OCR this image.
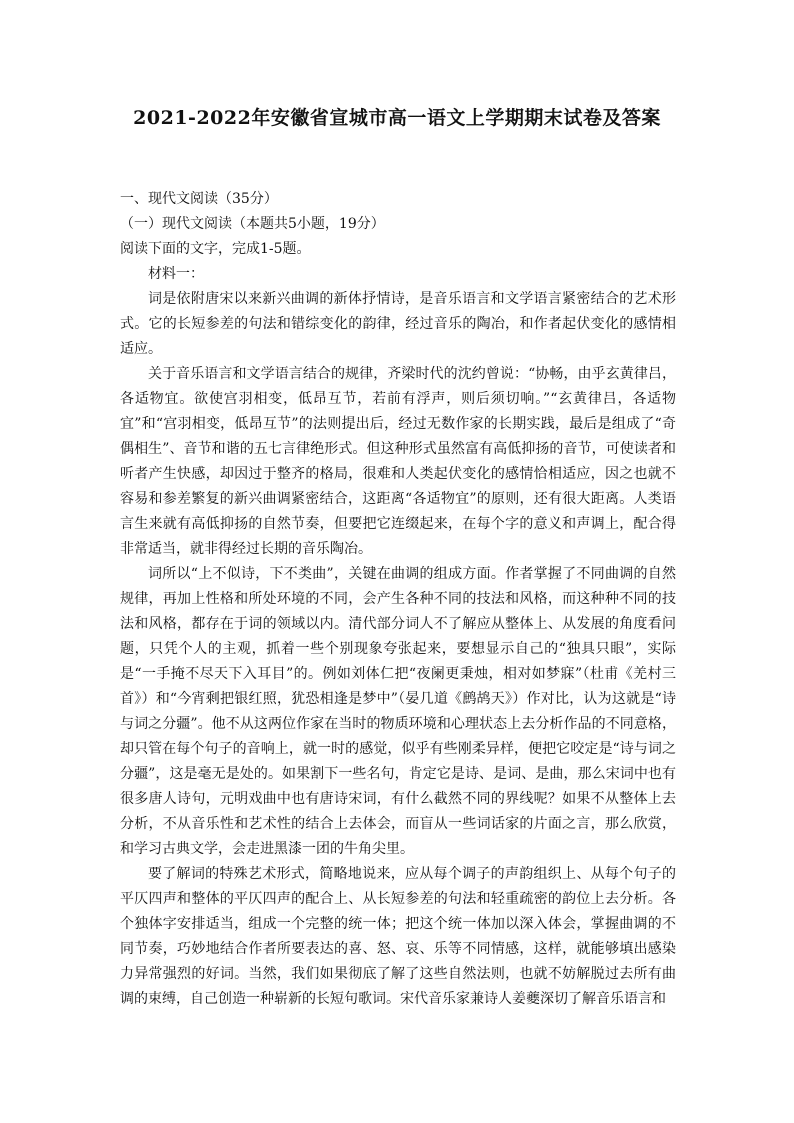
2021-2022年安徽省宣城市高一语文上学期期末试卷及答案

一、现代文阅读（35分）

（一）现代文阅读（本题共5小题，19分）

阅读下面的文字，完成1-5题。

材料一：

词是依附唐宋以来新兴曲调的新体抒情诗，是音乐语言和文学语言紧密结合的艺术形式。它的长短参差的句法和错综变化的韵律，经过音乐的陶冶，和作者起伏变化的感情相适应。

关于音乐语言和文学语言结合的规律，齐梁时代的沈约曾说：“协畅，由乎玄黄律吕，各适物宜。欲使宫羽相变，低昂互节，若前有浮声，则后须切响。”“玄黄律吕，各适物宜”和“宫羽相变，低昂互节”的法则提出后，经过无数作家的长期实践，最后是组成了“奇偶相生”、音节和谐的五七言律绝形式。但这种形式虽然富有高低抑扬的音节，可使读者和听者产生快感，却因过于整齐的格局，很难和人类起伏变化的感情恰相适应，因之也就不容易和参差繁复的新兴曲调紧密结合，这距离“各适物宜”的原则，还有很大距离。人类语言生来就有高低抑扬的自然节奏，但要把它连缀起来，在每个字的意义和声调上，配合得非常适当，就非得经过长期的音乐陶冶。

词所以“上不似诗，下不类曲”，关键在曲调的组成方面。作者掌握了不同曲调的自然规律，再加上性格和所处环境的不同，会产生各种不同的技法和风格，而这种种不同的技法和风格，都存在于词的领域以内。清代部分词人不了解应从整体上、从发展的角度看问题，只凭个人的主观，抓着一些个别现象夸张起来，要想显示自己的“独具只眼”，实际是“一手掩不尽天下入耳目”的。例如刘体仁把“夜阑更秉烛，相对如梦寐”（杜甫《羌村三首》）和“今宵剩把银红照，犹恐相逢是梦中”（晏几道《鹧鸪天》）作对比，认为这就是“诗与词之分疆”。他不从这两位作家在当时的物质环境和心理状态上去分析作品的不同意格，却只管在每个句子的音响上，就一时的感觉，似乎有些刚柔异样，便把它咬定是“诗与词之分疆”，这是毫无是处的。如果割下一些名句，肯定它是诗、是词、是曲，那么宋词中也有很多唐人诗句，元明戏曲中也有唐诗宋词，有什么截然不同的界线呢？如果不从整体上去分析，不从音乐性和艺术性的结合上去体会，而盲从一些词话家的片面之言，那么欣赏，和学习古典文学，会走进黑漆一团的牛角尖里。

要了解词的特殊艺术形式，简略地说来，应从每个调子的声韵组织上、从每个句子的平仄四声和整体的平仄四声的配合上、从长短参差的句法和轻重疏密的韵位上去分析。各个独体字安排适当，组成一个完整的统一体；把这个统一体加以深入体会，掌握曲调的不同节奏，巧妙地结合作者所要表达的喜、怒、哀、乐等不同情感，这样，就能够填出感染力异常强烈的好词。当然，我们如果彻底了解了这些自然法则，也就不妨解脱过去所有曲调的束缚，自己创造一种崭新的长短句歌词。宋代音乐家兼诗人姜夔深切了解音乐语言和
